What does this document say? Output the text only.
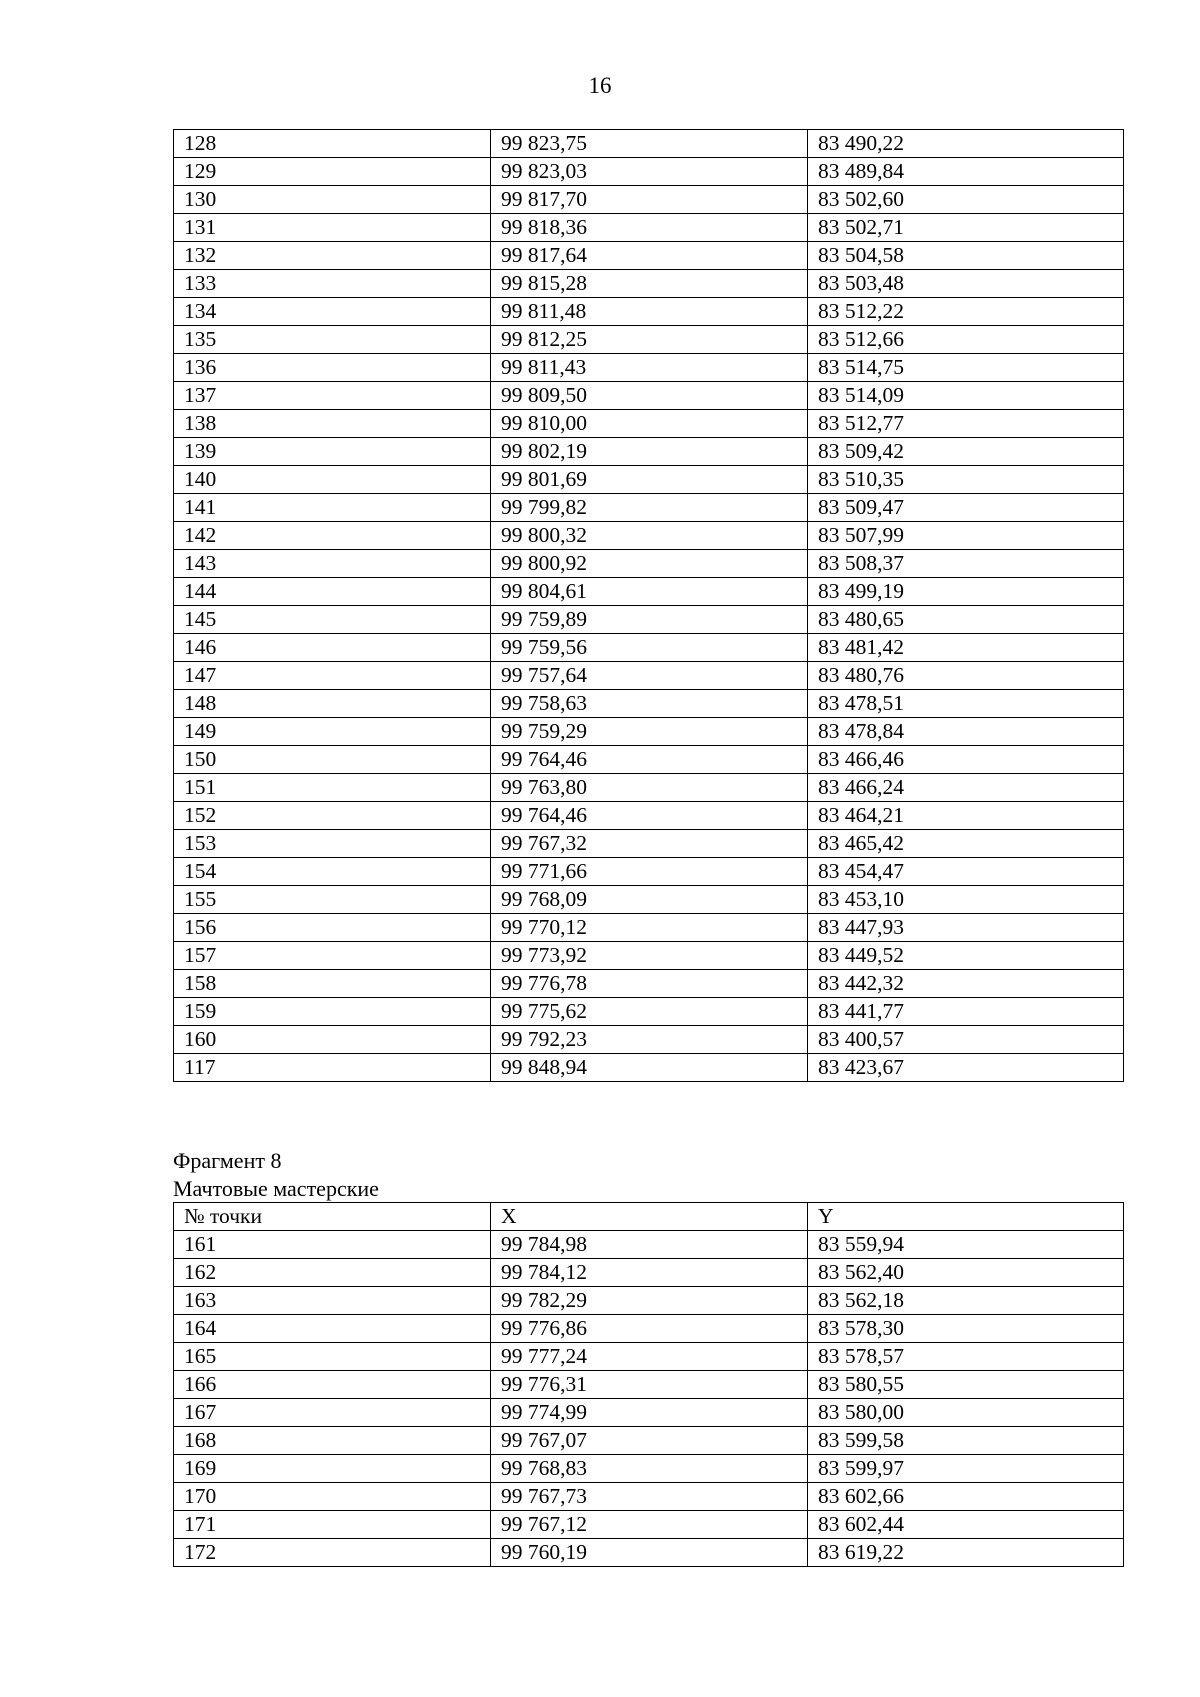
16
128	99 823,75	83 490,22
129	99 823,03	83 489,84
130	99 817,70	83 502,60
131	99 818,36	83 502,71
132	99 817,64	83 504,58
133	99 815,28	83 503,48
134	99 811,48	83 512,22
135	99 812,25	83 512,66
136	99 811,43	83 514,75
137	99 809,50	83 514,09
138	99 810,00	83 512,77
139	99 802,19	83 509,42
140	99 801,69	83 510,35
141	99 799,82	83 509,47
142	99 800,32	83 507,99
143	99 800,92	83 508,37
144	99 804,61	83 499,19
145	99 759,89	83 480,65
146	99 759,56	83 481,42
147	99 757,64	83 480,76
148	99 758,63	83 478,51
149	99 759,29	83 478,84
150	99 764,46	83 466,46
151	99 763,80	83 466,24
152	99 764,46	83 464,21
153	99 767,32	83 465,42
154	99 771,66	83 454,47
155	99 768,09	83 453,10
156	99 770,12	83 447,93
157	99 773,92	83 449,52
158	99 776,78	83 442,32
159	99 775,62	83 441,77
160	99 792,23	83 400,57
117	99 848,94	83 423,67
Фрагмент 8
Мачтовые мастерские
№ точки	X	Y
161	99 784,98	83 559,94
162	99 784,12	83 562,40
163	99 782,29	83 562,18
164	99 776,86	83 578,30
165	99 777,24	83 578,57
166	99 776,31	83 580,55
167	99 774,99	83 580,00
168	99 767,07	83 599,58
169	99 768,83	83 599,97
170	99 767,73	83 602,66
171	99 767,12	83 602,44
172	99 760,19	83 619,22
